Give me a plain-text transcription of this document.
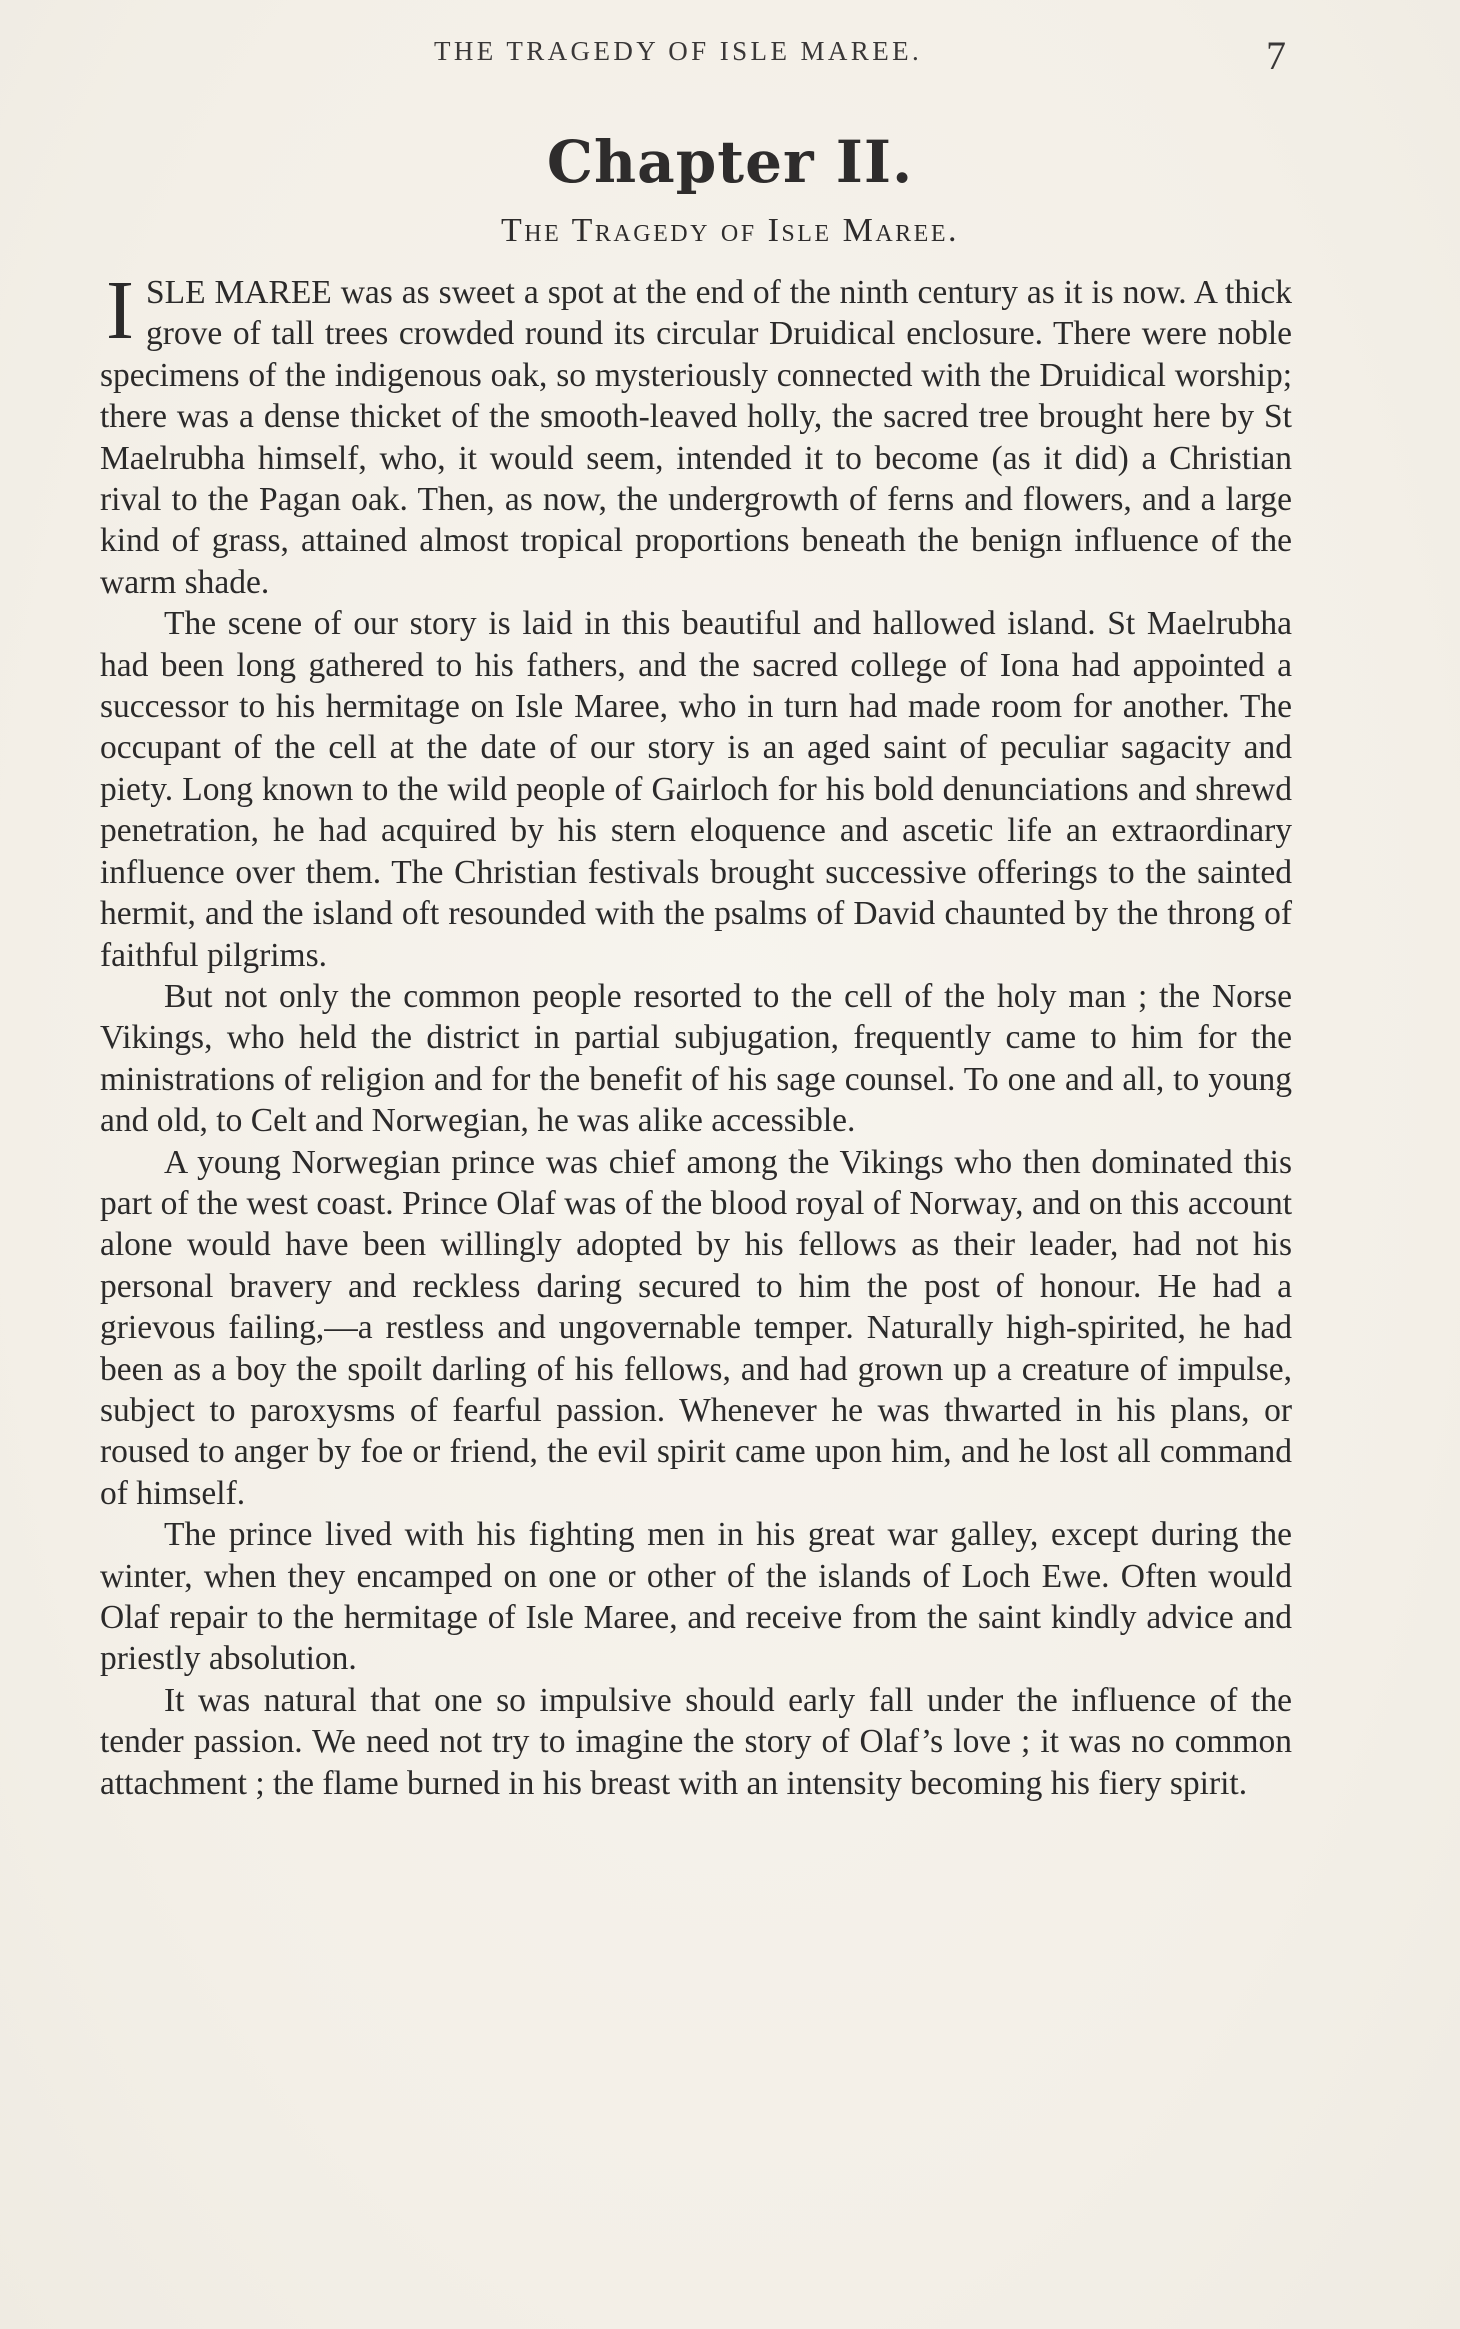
THE TRAGEDY OF ISLE MAREE.	7
Chapter II.
The Tragedy of Isle Maree.

ISLE MAREE was as sweet a spot at the end of the ninth century as it is now. A thick grove of tall trees crowded round its circular Druidical enclosure. There were noble specimens of the indigenous oak, so mysteriously connected with the Druidical worship; there was a dense thicket of the smooth-leaved holly, the sacred tree brought here by St Maelrubha himself, who, it would seem, intended it to become (as it did) a Christian rival to the Pagan oak. Then, as now, the undergrowth of ferns and flowers, and a large kind of grass, attained almost tropical proportions beneath the benign influence of the warm shade.

The scene of our story is laid in this beautiful and hallowed island. St Maelrubha had been long gathered to his fathers, and the sacred college of Iona had appointed a successor to his hermitage on Isle Maree, who in turn had made room for another. The occupant of the cell at the date of our story is an aged saint of peculiar sagacity and piety. Long known to the wild people of Gairloch for his bold denunciations and shrewd penetration, he had acquired by his stern eloquence and ascetic life an extraordinary influence over them. The Christian festivals brought successive offerings to the sainted hermit, and the island oft resounded with the psalms of David chaunted by the throng of faithful pilgrims.

But not only the common people resorted to the cell of the holy man ; the Norse Vikings, who held the district in partial subjugation, frequently came to him for the ministrations of religion and for the benefit of his sage counsel. To one and all, to young and old, to Celt and Norwegian, he was alike accessible.

A young Norwegian prince was chief among the Vikings who then dominated this part of the west coast. Prince Olaf was of the blood royal of Norway, and on this account alone would have been willingly adopted by his fellows as their leader, had not his personal bravery and reckless daring secured to him the post of honour. He had a grievous failing,—a restless and ungovernable temper. Naturally high-spirited, he had been as a boy the spoilt darling of his fellows, and had grown up a creature of impulse, subject to paroxysms of fearful passion. Whenever he was thwarted in his plans, or roused to anger by foe or friend, the evil spirit came upon him, and he lost all command of himself.

The prince lived with his fighting men in his great war galley, except during the winter, when they encamped on one or other of the islands of Loch Ewe. Often would Olaf repair to the hermitage of Isle Maree, and receive from the saint kindly advice and priestly absolution.

It was natural that one so impulsive should early fall under the influence of the tender passion. We need not try to imagine the story of Olaf’s love ; it was no common attachment ; the flame burned in his breast with an intensity becoming his fiery spirit.
